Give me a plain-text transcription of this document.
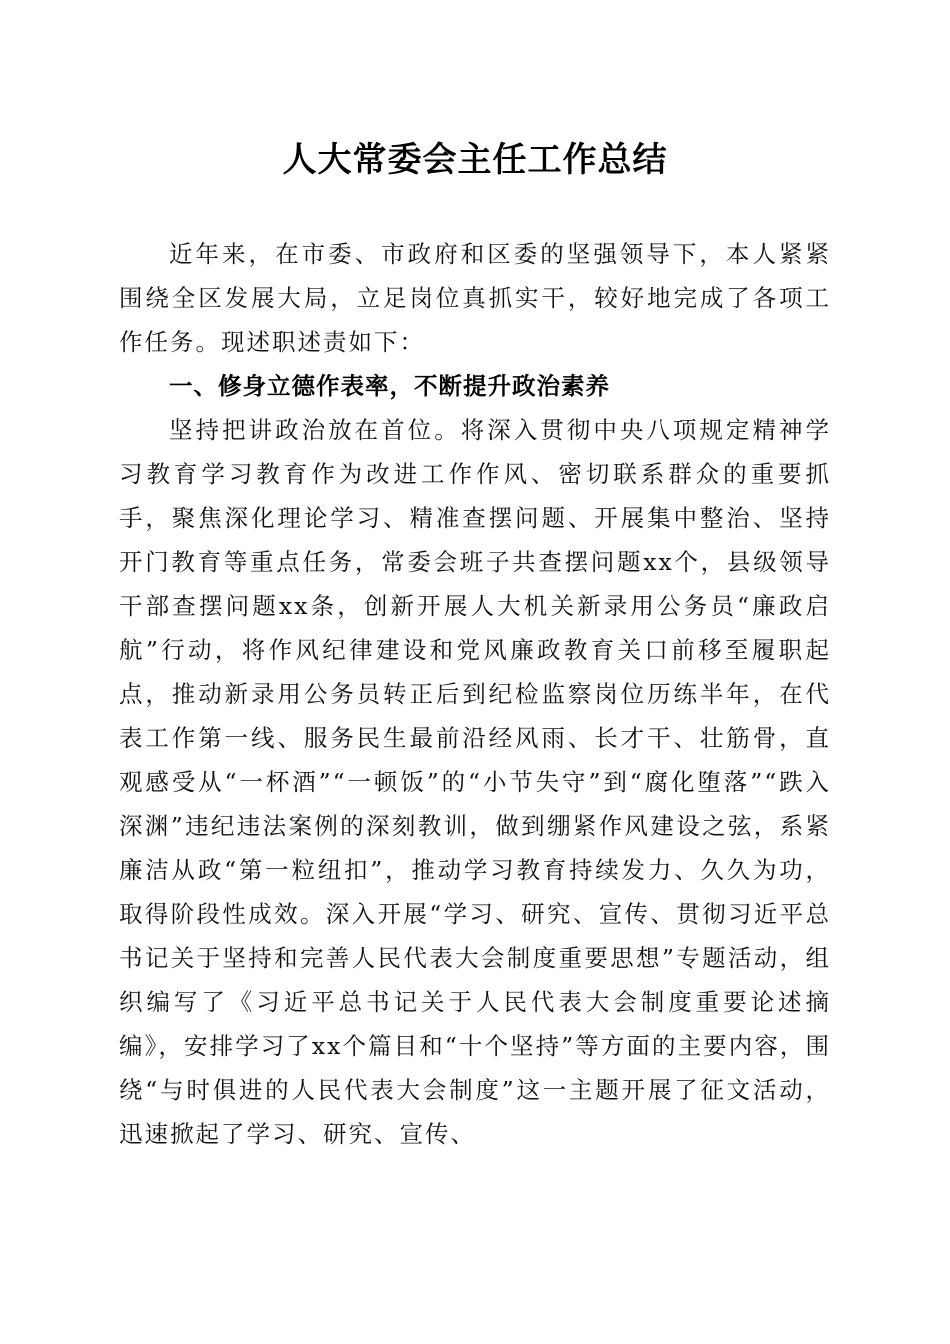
人大常委会主任工作总结

近年来，在市委、市政府和区委的坚强领导下，本人紧紧围绕全区发展大局，立足岗位真抓实干，较好地完成了各项工作任务。现述职述责如下：

一、修身立德作表率，不断提升政治素养

坚持把讲政治放在首位。将深入贯彻中央八项规定精神学习教育学习教育作为改进工作作风、密切联系群众的重要抓手，聚焦深化理论学习、精准查摆问题、开展集中整治、坚持开门教育等重点任务，常委会班子共查摆问题xx个，县级领导干部查摆问题xx条，创新开展人大机关新录用公务员“廉政启航”行动，将作风纪律建设和党风廉政教育关口前移至履职起点，推动新录用公务员转正后到纪检监察岗位历练半年，在代表工作第一线、服务民生最前沿经风雨、长才干、壮筋骨，直观感受从“一杯酒”“一顿饭”的“小节失守”到“腐化堕落”“跌入深渊”违纪违法案例的深刻教训，做到绷紧作风建设之弦，系紧廉洁从政“第一粒纽扣”，推动学习教育持续发力、久久为功，取得阶段性成效。深入开展“学习、研究、宣传、贯彻习近平总书记关于坚持和完善人民代表大会制度重要思想”专题活动，组织编写了《习近平总书记关于人民代表大会制度重要论述摘编》，安排学习了xx个篇目和“十个坚持”等方面的主要内容，围绕“与时俱进的人民代表大会制度”这一主题开展了征文活动，迅速掀起了学习、研究、宣传、
